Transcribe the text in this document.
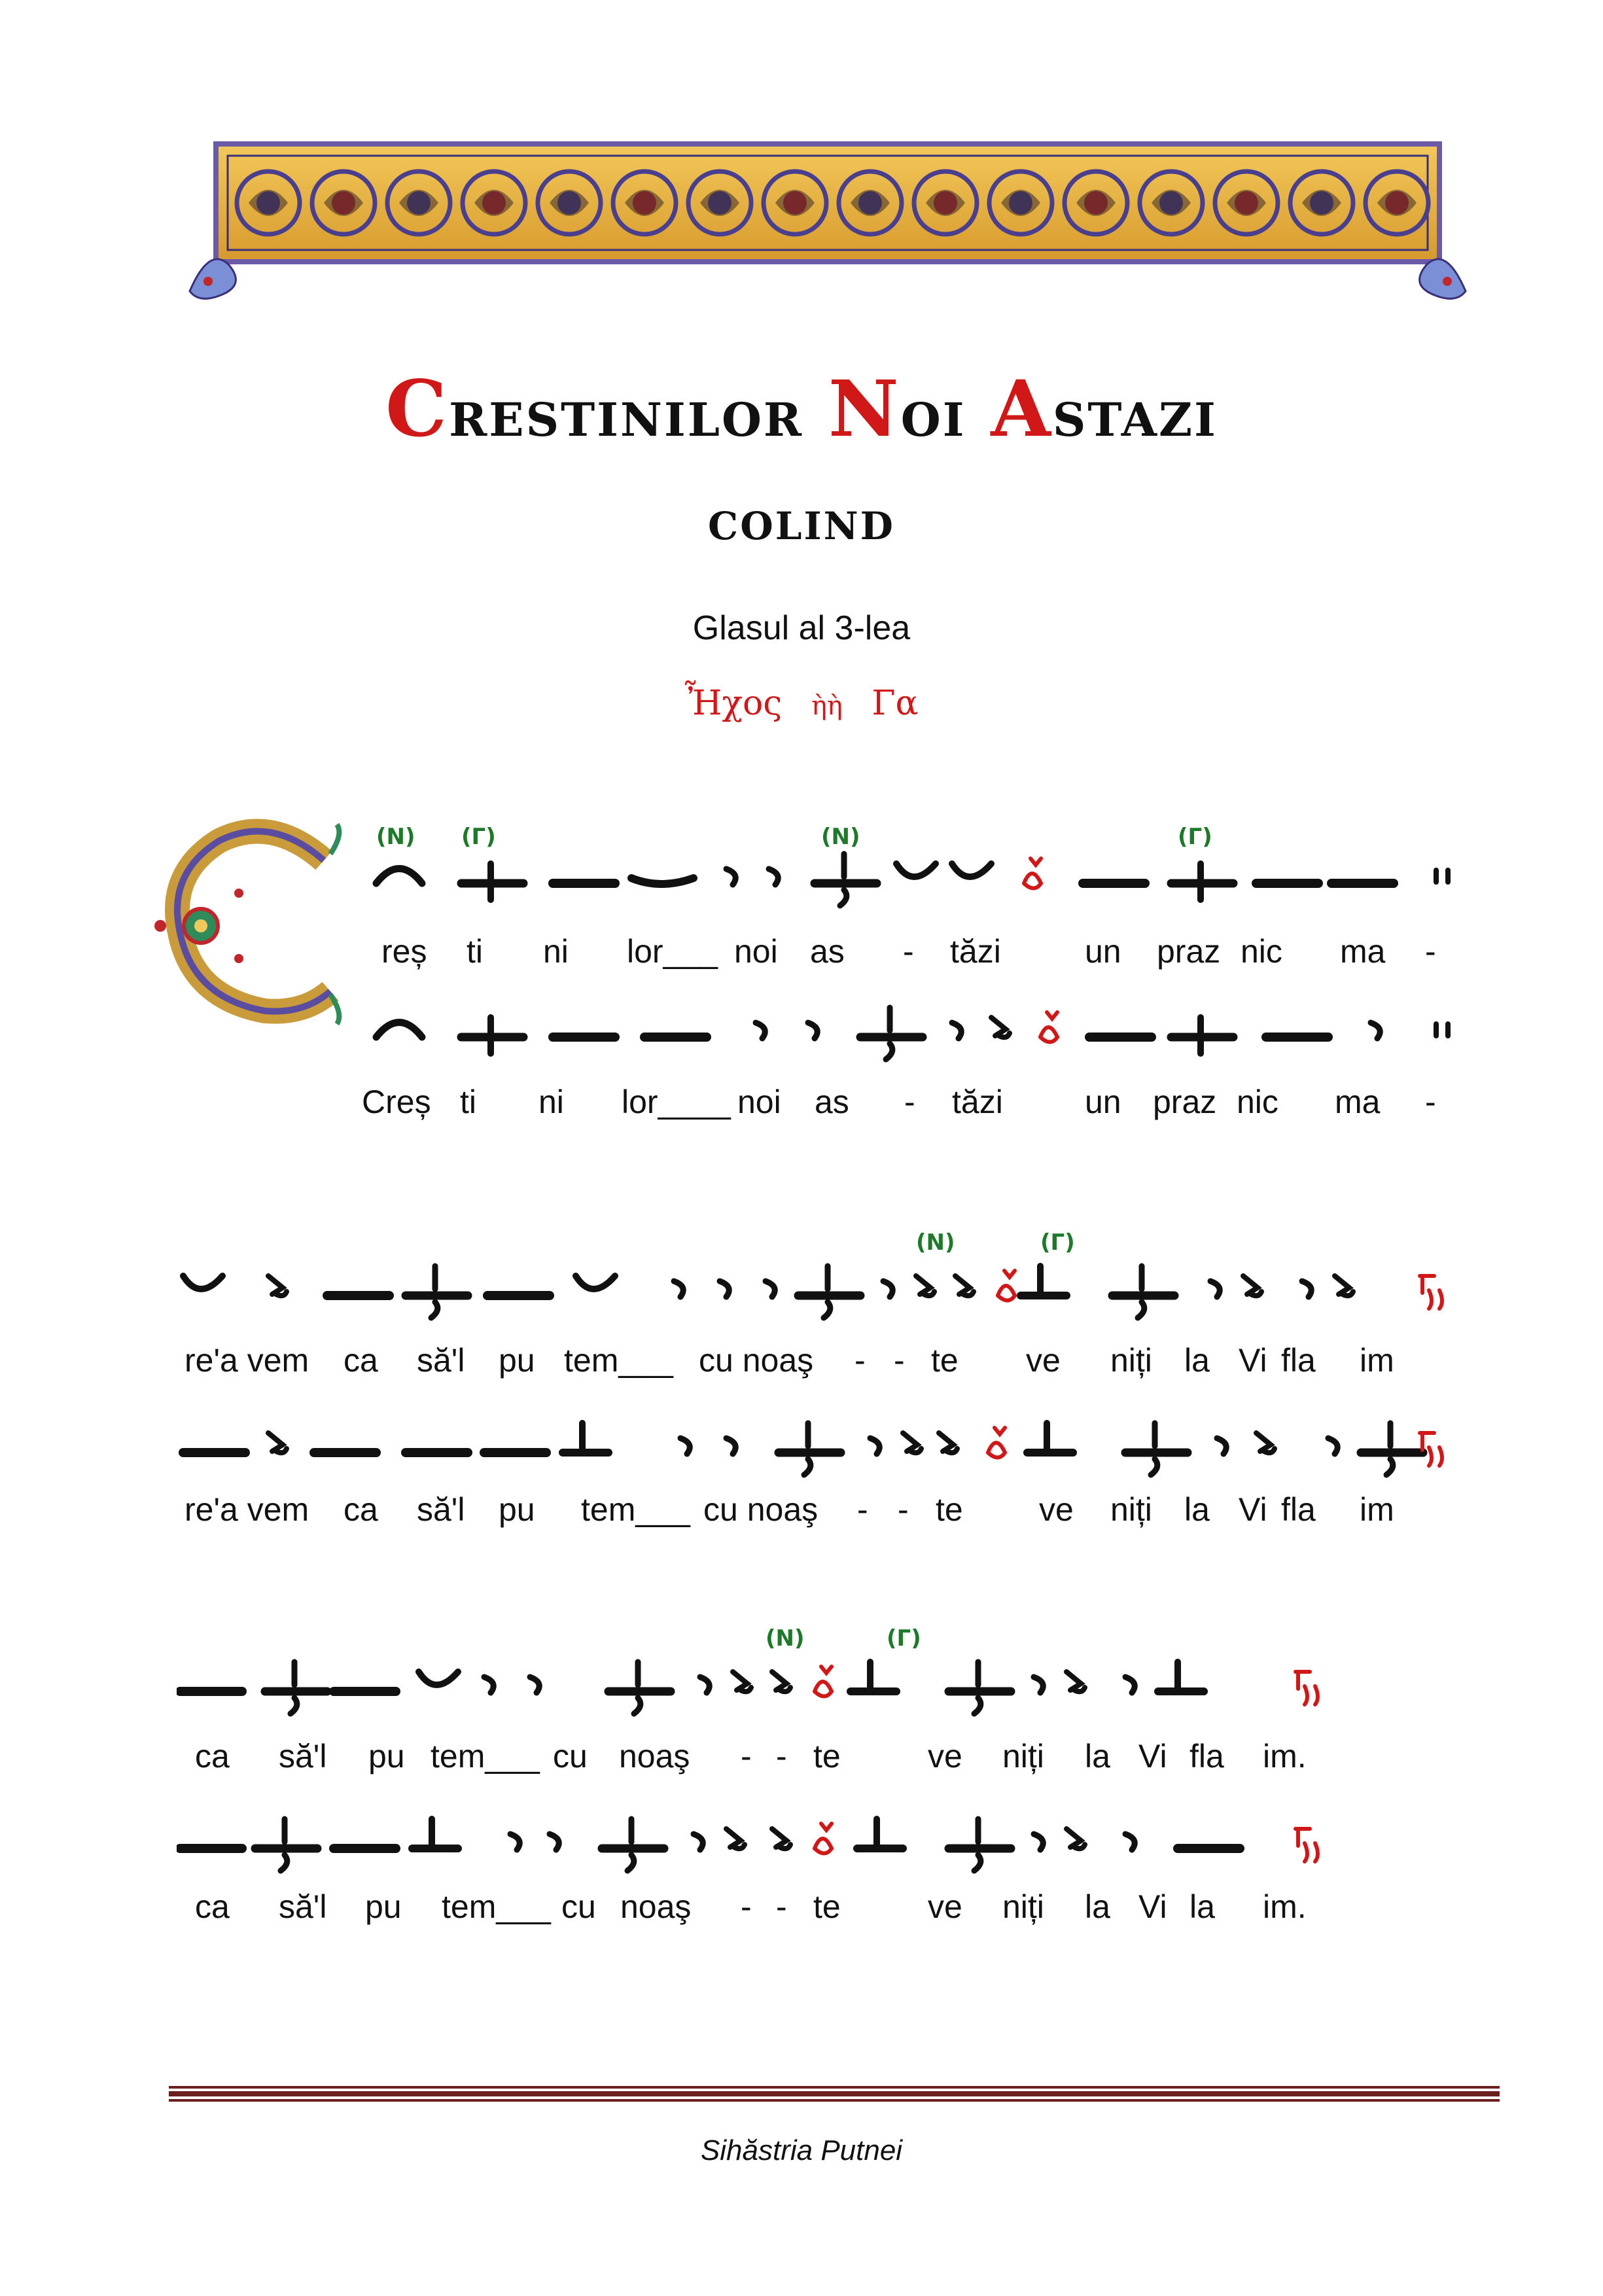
Crestinilor Noi Astazi
COLIND
Glasul al 3-lea
Ἦχος ὴὴ Γα
(Ν) (Γ)	(Ν)	(Γ)
reș ti ni lor___ noi as - tăzi	un praz nic ma -
Creș ti ni lor____ noi as - tăzi	un praz nic ma -
(Ν)	(Γ)
re'a vem ca să'l pu tem___ cu noaş - - te ve niți la Vi fla im
re'a vem ca să'l pu tem___ cu noaş - - te ve niți la Vi fla im
(Ν)	(Γ)
ca să'l pu tem___ cu noaş - - te	ve niți la Vi fla im.
ca să'l pu tem___ cu noaş - - te	ve niți la Vi la im.
Sihăstria Putnei
